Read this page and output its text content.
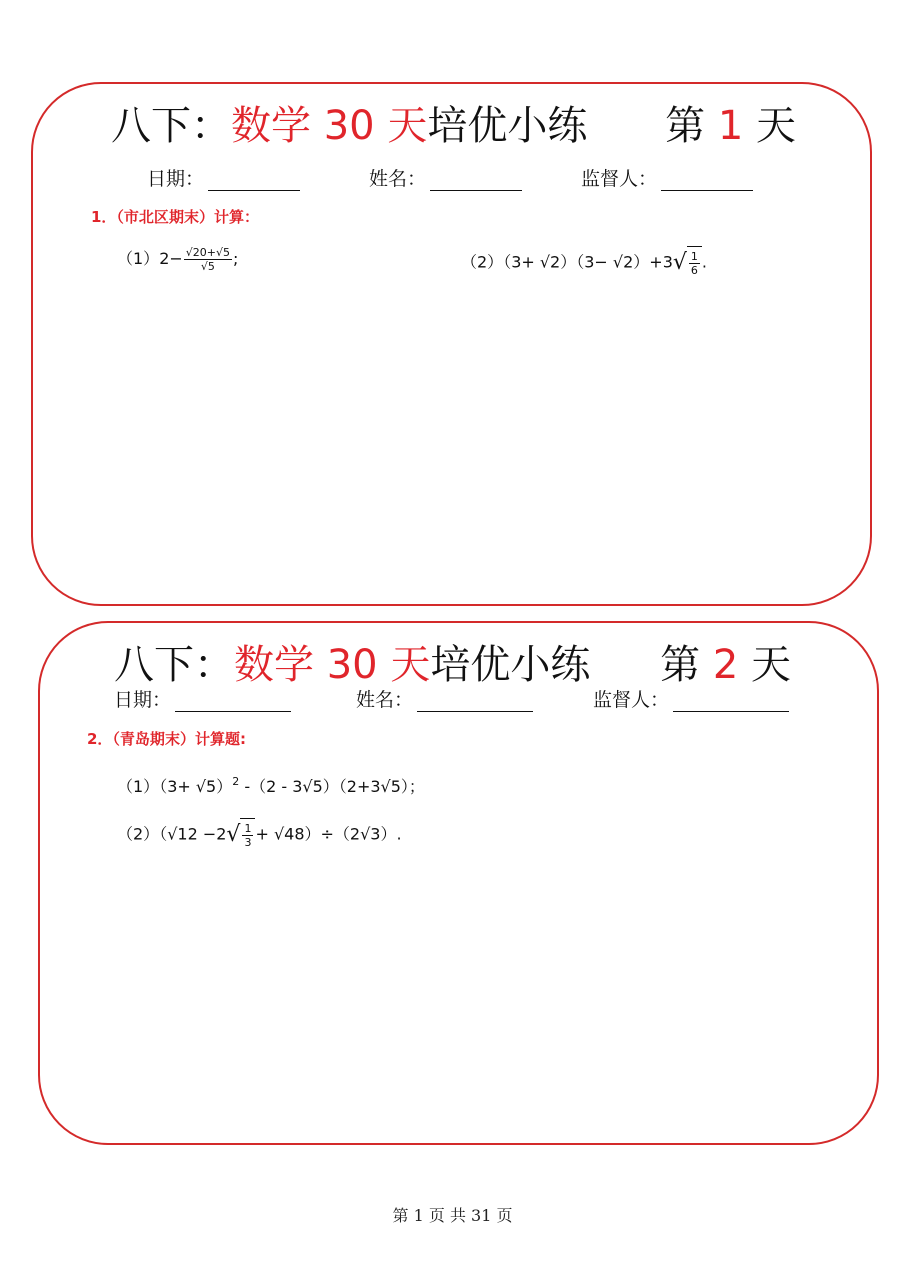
八下：数学 30 天培优小练 第 1 天
日期：	姓名：	监督人：
1．（市北区期末）计算：
$(1)2- \frac{√20+√5}{√5}$ ;	（2）（3+ √2）（3− √2）+3 √ $\frac{1}{6}$ .
八下：数学 30 天培优小练 第 2 天
日期：	姓名：	监督人：
2．（青岛期末）计算题:
$(1)(3+ √5)^2$ -（2 - 3√5）（2+3√5）；
（2）（√12 −2 √ $\frac{1}{3} + √48)\div(2√3)$.
第 1 页 共 31 页
